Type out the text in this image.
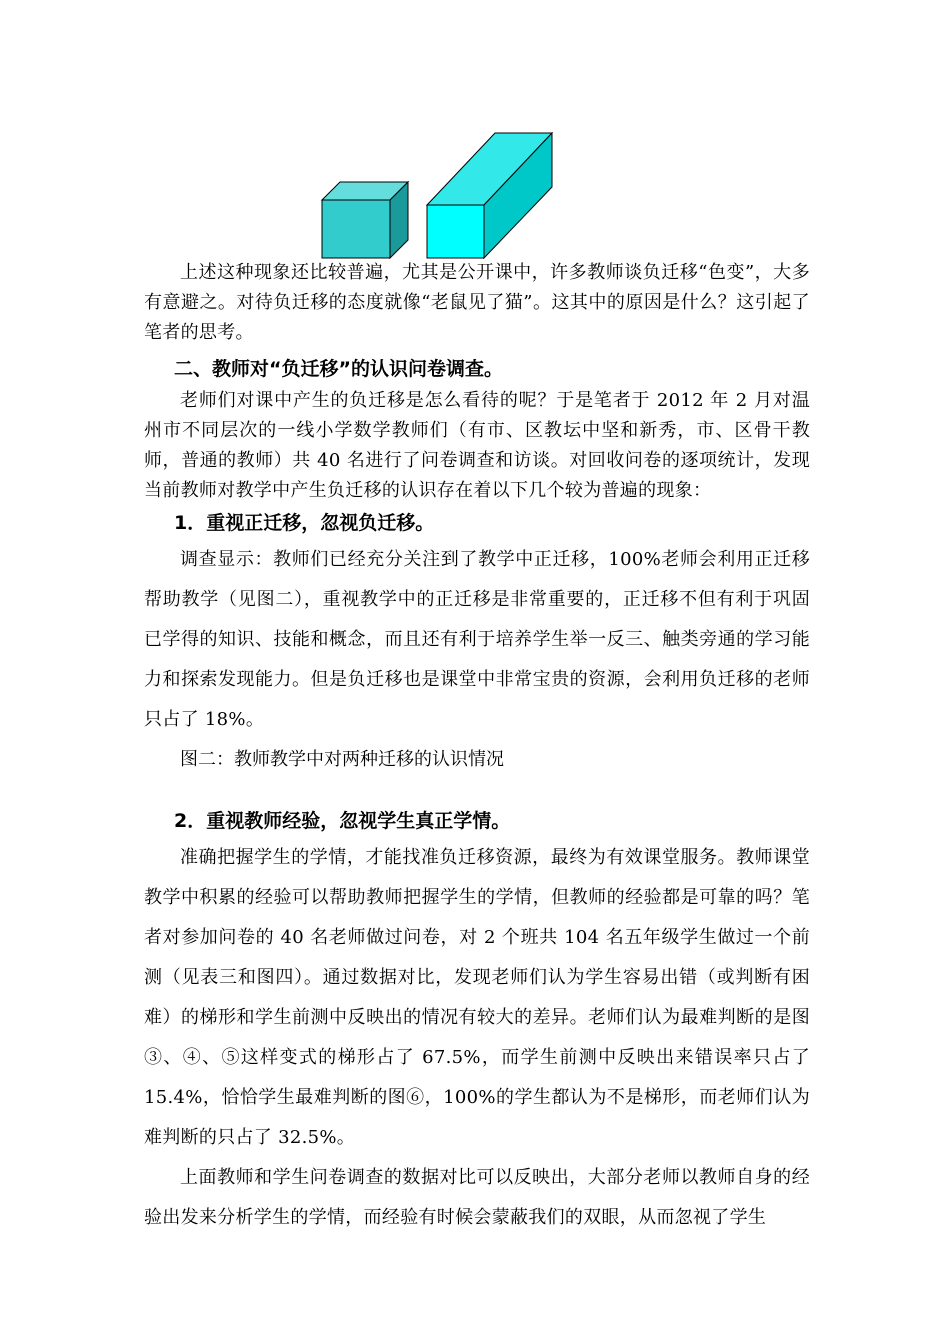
上述这种现象还比较普遍，尤其是公开课中，许多教师谈负迁移“色变”，大多有意避之。对待负迁移的态度就像“老鼠见了猫”。这其中的原因是什么？这引起了笔者的思考。

二、教师对“负迁移”的认识问卷调查。

老师们对课中产生的负迁移是怎么看待的呢？于是笔者于 2012 年 2 月对温州市不同层次的一线小学数学教师们（有市、区教坛中坚和新秀，市、区骨干教师，普通的教师）共 40 名进行了问卷调查和访谈。对回收问卷的逐项统计，发现当前教师对教学中产生负迁移的认识存在着以下几个较为普遍的现象：

1．重视正迁移，忽视负迁移。

调查显示：教师们已经充分关注到了教学中正迁移，100%老师会利用正迁移帮助教学（见图二），重视教学中的正迁移是非常重要的，正迁移不但有利于巩固已学得的知识、技能和概念，而且还有利于培养学生举一反三、触类旁通的学习能力和探索发现能力。但是负迁移也是课堂中非常宝贵的资源，会利用负迁移的老师只占了 18%。

图二：教师教学中对两种迁移的认识情况

2．重视教师经验，忽视学生真正学情。

准确把握学生的学情，才能找准负迁移资源，最终为有效课堂服务。教师课堂教学中积累的经验可以帮助教师把握学生的学情，但教师的经验都是可靠的吗？笔者对参加问卷的 40 名老师做过问卷，对 2 个班共 104 名五年级学生做过一个前测（见表三和图四）。通过数据对比，发现老师们认为学生容易出错（或判断有困难）的梯形和学生前测中反映出的情况有较大的差异。老师们认为最难判断的是图③、④、⑤这样变式的梯形占了 67.5%，而学生前测中反映出来错误率只占了 15.4%，恰恰学生最难判断的图⑥，100%的学生都认为不是梯形，而老师们认为难判断的只占了 32.5%。

上面教师和学生问卷调查的数据对比可以反映出，大部分老师以教师自身的经验出发来分析学生的学情，而经验有时候会蒙蔽我们的双眼，从而忽视了学生
